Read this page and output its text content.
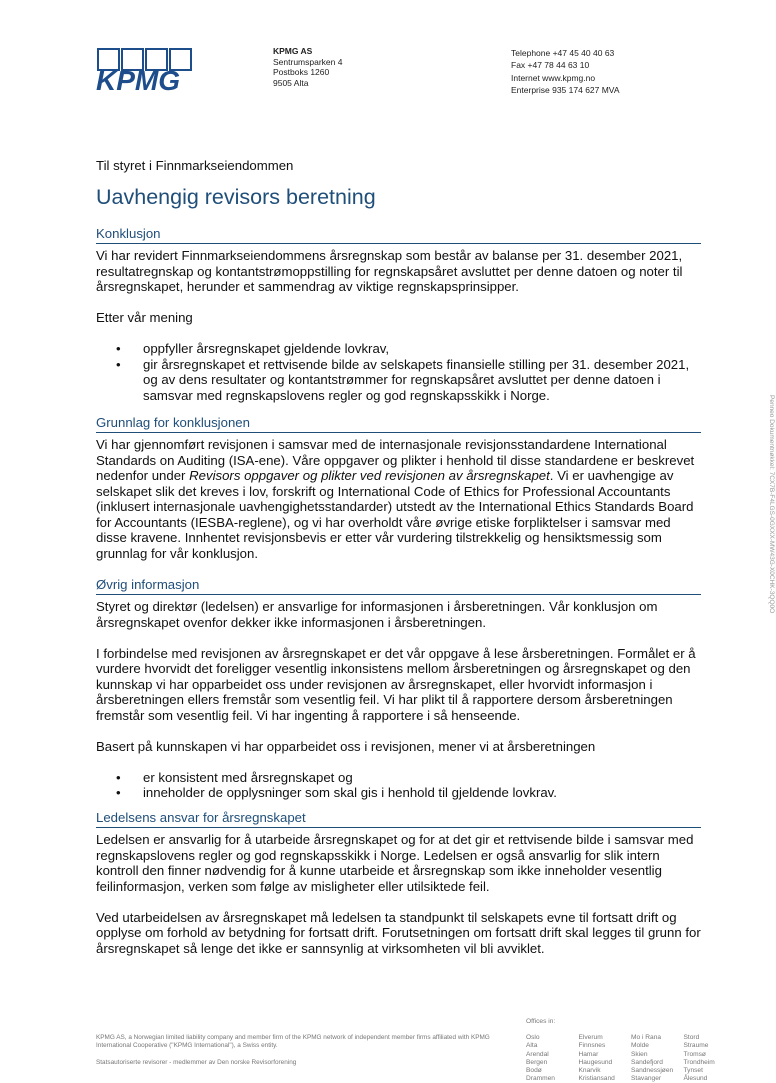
KPMG
KPMG AS
Sentrumsparken 4
Postboks 1260
9505 Alta
Telephone +47 45 40 40 63
Fax +47 78 44 63 10
Internet www.kpmg.no
Enterprise 935 174 627 MVA
Penneo Dokumentnøkkel: 7CX7B-F4LGS-0GXXX-MW43G-X0CHK-3QQ0O
Til styret i Finnmarkseiendommen
Uavhengig revisors beretning
Konklusjon

Vi har revidert Finnmarkseiendommens årsregnskap som består av balanse per 31. desember 2021, resultatregnskap og kontantstrømoppstilling for regnskapsåret avsluttet per denne datoen og noter til årsregnskapet, herunder et sammendrag av viktige regnskapsprinsipper.

Etter vår mening

• oppfyller årsregnskapet gjeldende lovkrav,
• gir årsregnskapet et rettvisende bilde av selskapets finansielle stilling per 31. desember 2021, og av dens resultater og kontantstrømmer for regnskapsåret avsluttet per denne datoen i samsvar med regnskapslovens regler og god regnskapsskikk i Norge.
Grunnlag for konklusjonen

Vi har gjennomført revisjonen i samsvar med de internasjonale revisjonsstandardene International Standards on Auditing (ISA-ene). Våre oppgaver og plikter i henhold til disse standardene er beskrevet nedenfor under Revisors oppgaver og plikter ved revisjonen av årsregnskapet. Vi er uavhengige av selskapet slik det kreves i lov, forskrift og International Code of Ethics for Professional Accountants (inklusert internasjonale uavhengighetsstandarder) utstedt av the International Ethics Standards Board for Accountants (IESBA-reglene), og vi har overholdt våre øvrige etiske forpliktelser i samsvar med disse kravene. Innhentet revisjonsbevis er etter vår vurdering tilstrekkelig og hensiktsmessig som grunnlag for vår konklusjon.

Øvrig informasjon

Styret og direktør (ledelsen) er ansvarlige for informasjonen i årsberetningen. Vår konklusjon om årsregnskapet ovenfor dekker ikke informasjonen i årsberetningen.

I forbindelse med revisjonen av årsregnskapet er det vår oppgave å lese årsberetningen. Formålet er å vurdere hvorvidt det foreligger vesentlig inkonsistens mellom årsberetningen og årsregnskapet og den kunnskap vi har opparbeidet oss under revisjonen av årsregnskapet, eller hvorvidt informasjon i årsberetningen ellers fremstår som vesentlig feil. Vi har plikt til å rapportere dersom årsberetningen fremstår som vesentlig feil. Vi har ingenting å rapportere i så henseende.

Basert på kunnskapen vi har opparbeidet oss i revisjonen, mener vi at årsberetningen

• er konsistent med årsregnskapet og
• inneholder de opplysninger som skal gis i henhold til gjeldende lovkrav.
Ledelsens ansvar for årsregnskapet

Ledelsen er ansvarlig for å utarbeide årsregnskapet og for at det gir et rettvisende bilde i samsvar med regnskapslovens regler og god regnskapsskikk i Norge. Ledelsen er også ansvarlig for slik intern kontroll den finner nødvendig for å kunne utarbeide et årsregnskap som ikke inneholder vesentlig feilinformasjon, verken som følge av misligheter eller utilsiktede feil.

Ved utarbeidelsen av årsregnskapet må ledelsen ta standpunkt til selskapets evne til fortsatt drift og opplyse om forhold av betydning for fortsatt drift. Forutsetningen om fortsatt drift skal legges til grunn for årsregnskapet så lenge det ikke er sannsynlig at virksomheten vil bli avviklet.

KPMG AS, a Norwegian limited liability company and member firm of the KPMG network of independent member firms affiliated with KPMG International Cooperative ("KPMG International"), a Swiss entity.
Statsautoriserte revisorer - medlemmer av Den norske Revisorforening
Offices in:
Oslo
Alta
Arendal
Bergen
Bodø
Drammen
Elverum
Finnsnes
Hamar
Haugesund
Knarvik
Kristiansand
Mo i Rana
Molde
Skien
Sandefjord
Sandnessjøen
Stavanger
Stord
Straume
Tromsø
Trondheim
Tynset
Ålesund
